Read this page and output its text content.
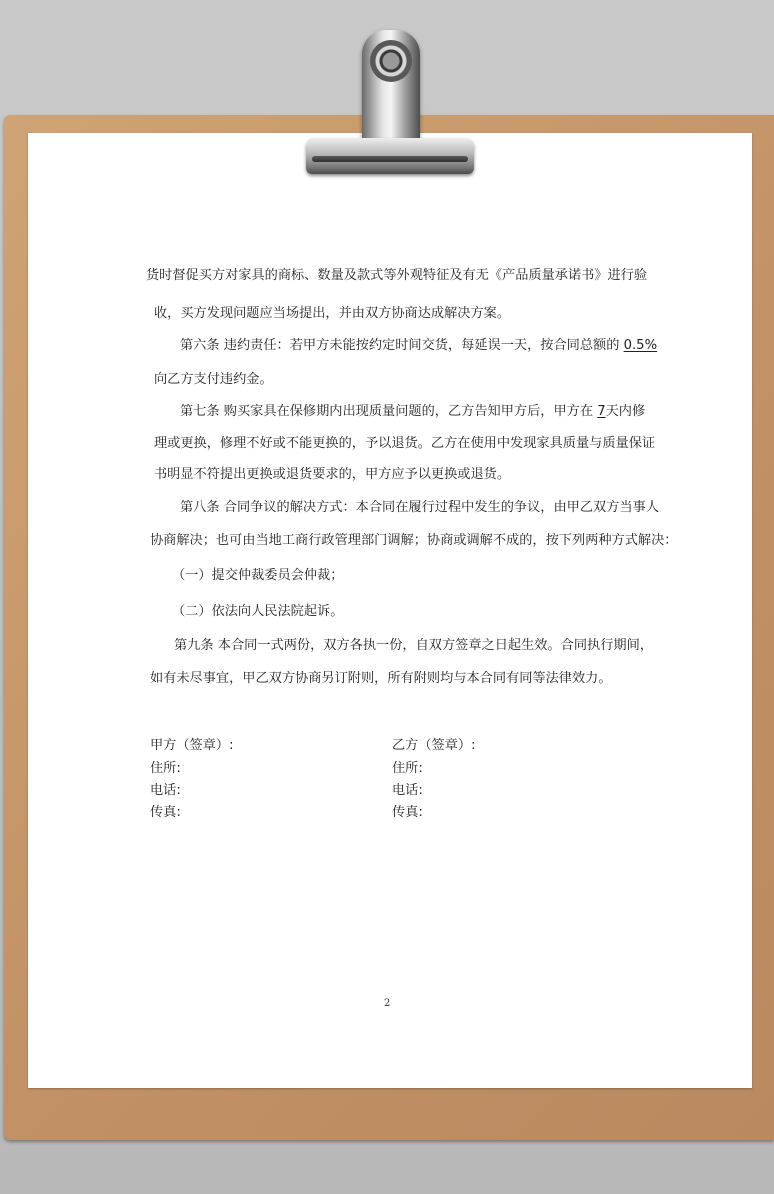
货时督促买方对家具的商标、数量及款式等外观特征及有无《产品质量承诺书》进行验
收，买方发现问题应当场提出，并由双方协商达成解决方案。
第六条 违约责任：若甲方未能按约定时间交货，每延误一天，按合同总额的 0.5%
向乙方支付违约金。
第七条 购买家具在保修期内出现质量问题的，乙方告知甲方后，甲方在 7天内修
理或更换，修理不好或不能更换的，予以退货。乙方在使用中发现家具质量与质量保证
书明显不符提出更换或退货要求的，甲方应予以更换或退货。
第八条 合同争议的解决方式：本合同在履行过程中发生的争议，由甲乙双方当事人
协商解决；也可由当地工商行政管理部门调解；协商或调解不成的，按下列两种方式解决：
（一）提交仲裁委员会仲裁；
（二）依法向人民法院起诉。
第九条 本合同一式两份，双方各执一份，自双方签章之日起生效。合同执行期间，
如有未尽事宜，甲乙双方协商另订附则，所有附则均与本合同有同等法律效力。
甲方（签章）:
住所:
电话:
传真:
乙方（签章）:
住所:
电话:
传真:
2
